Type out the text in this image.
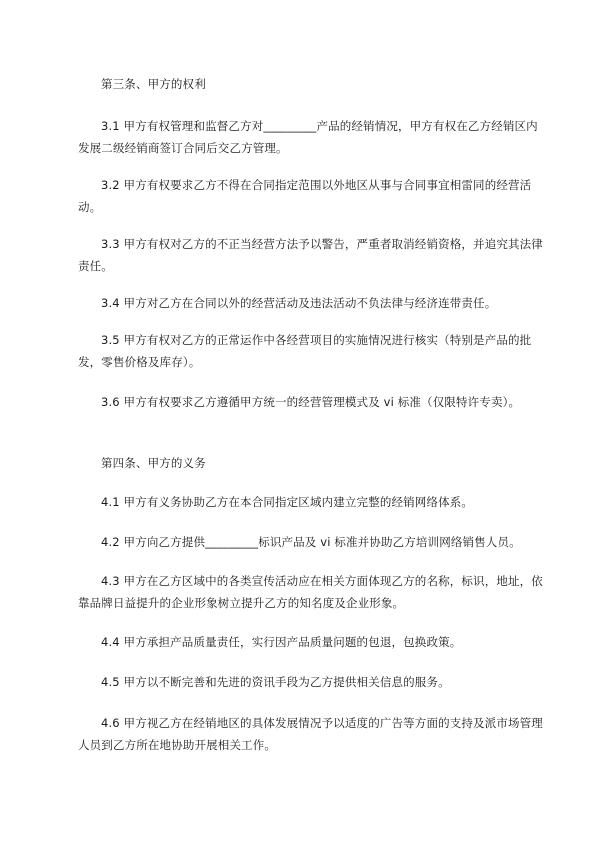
第三条、甲方的权利

3.1 甲方有权管理和监督乙方对_________产品的经销情况，甲方有权在乙方经销区内发展二级经销商签订合同后交乙方管理。

3.2 甲方有权要求乙方不得在合同指定范围以外地区从事与合同事宜相雷同的经营活动。

3.3 甲方有权对乙方的不正当经营方法予以警告，严重者取消经销资格，并追究其法律责任。

3.4 甲方对乙方在合同以外的经营活动及违法活动不负法律与经济连带责任。

3.5 甲方有权对乙方的正常运作中各经营项目的实施情况进行核实（特别是产品的批发，零售价格及库存）。

3.6 甲方有权要求乙方遵循甲方统一的经营管理模式及 vi 标准（仅限特许专卖）。

第四条、甲方的义务

4.1 甲方有义务协助乙方在本合同指定区域内建立完整的经销网络体系。

4.2 甲方向乙方提供_________标识产品及 vi 标准并协助乙方培训网络销售人员。

4.3 甲方在乙方区域中的各类宣传活动应在相关方面体现乙方的名称，标识，地址，依靠品牌日益提升的企业形象树立提升乙方的知名度及企业形象。

4.4 甲方承担产品质量责任，实行因产品质量问题的包退，包换政策。

4.5 甲方以不断完善和先进的资讯手段为乙方提供相关信息的服务。

4.6 甲方视乙方在经销地区的具体发展情况予以适度的广告等方面的支持及派市场管理人员到乙方所在地协助开展相关工作。
